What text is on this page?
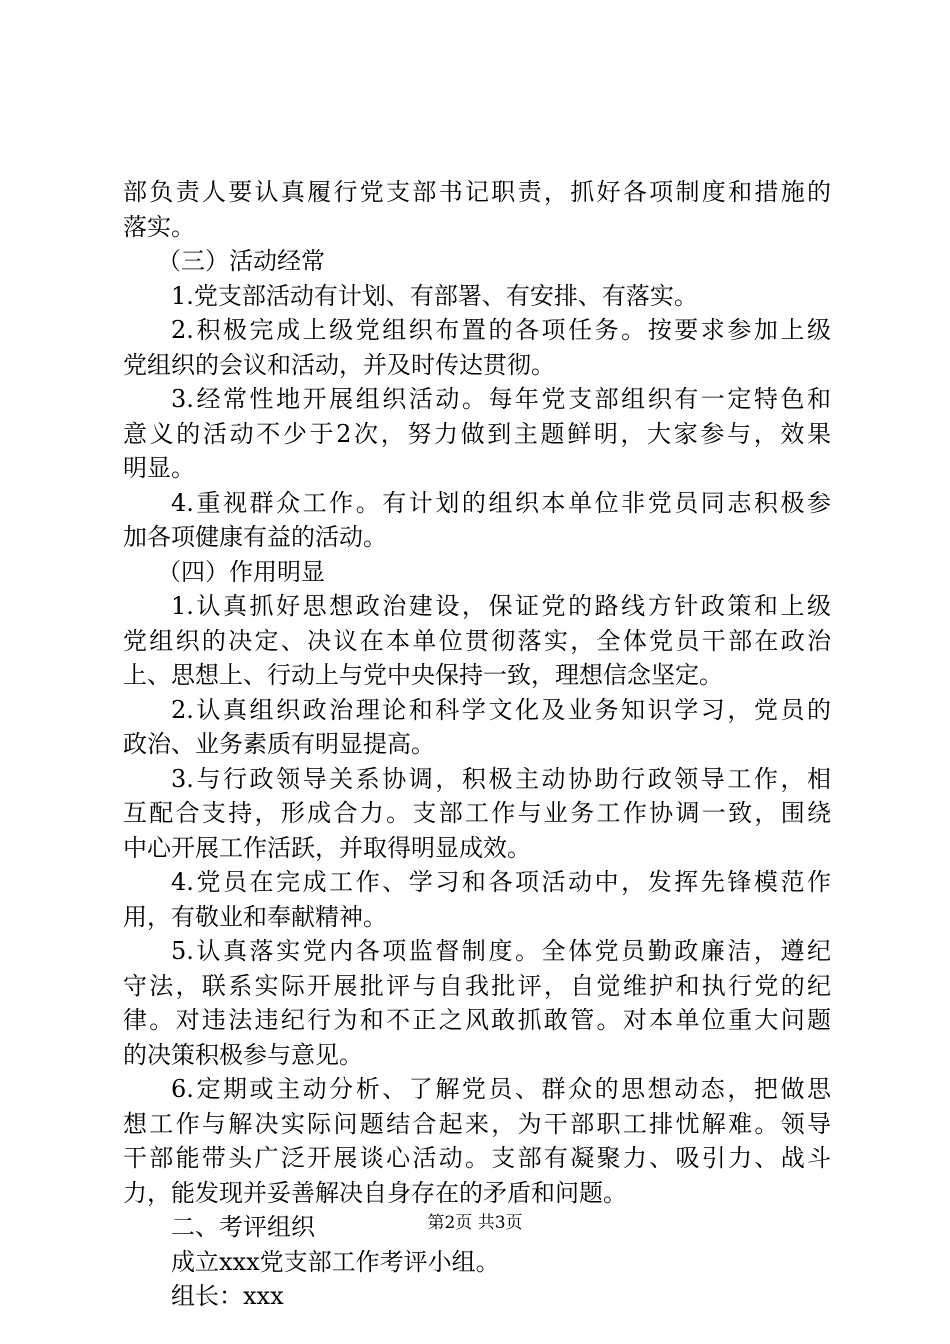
部负责人要认真履行党支部书记职责，抓好各项制度和措施的
落实。
（三）活动经常
1.党支部活动有计划、有部署、有安排、有落实。
2.积极完成上级党组织布置的各项任务。按要求参加上级
党组织的会议和活动，并及时传达贯彻。
3.经常性地开展组织活动。每年党支部组织有一定特色和
意义的活动不少于2次，努力做到主题鲜明，大家参与，效果
明显。
4.重视群众工作。有计划的组织本单位非党员同志积极参
加各项健康有益的活动。
（四）作用明显
1.认真抓好思想政治建设，保证党的路线方针政策和上级
党组织的决定、决议在本单位贯彻落实，全体党员干部在政治
上、思想上、行动上与党中央保持一致，理想信念坚定。
2.认真组织政治理论和科学文化及业务知识学习，党员的
政治、业务素质有明显提高。
3.与行政领导关系协调，积极主动协助行政领导工作，相
互配合支持，形成合力。支部工作与业务工作协调一致，围绕
中心开展工作活跃，并取得明显成效。
4.党员在完成工作、学习和各项活动中，发挥先锋模范作
用，有敬业和奉献精神。
5.认真落实党内各项监督制度。全体党员勤政廉洁，遵纪
守法，联系实际开展批评与自我批评，自觉维护和执行党的纪
律。对违法违纪行为和不正之风敢抓敢管。对本单位重大问题
的决策积极参与意见。
6.定期或主动分析、了解党员、群众的思想动态，把做思
想工作与解决实际问题结合起来，为干部职工排忧解难。领导
干部能带头广泛开展谈心活动。支部有凝聚力、吸引力、战斗
力，能发现并妥善解决自身存在的矛盾和问题。
二、考评组织
成立xxx党支部工作考评小组。
组长：xxx
第2页 共3页
